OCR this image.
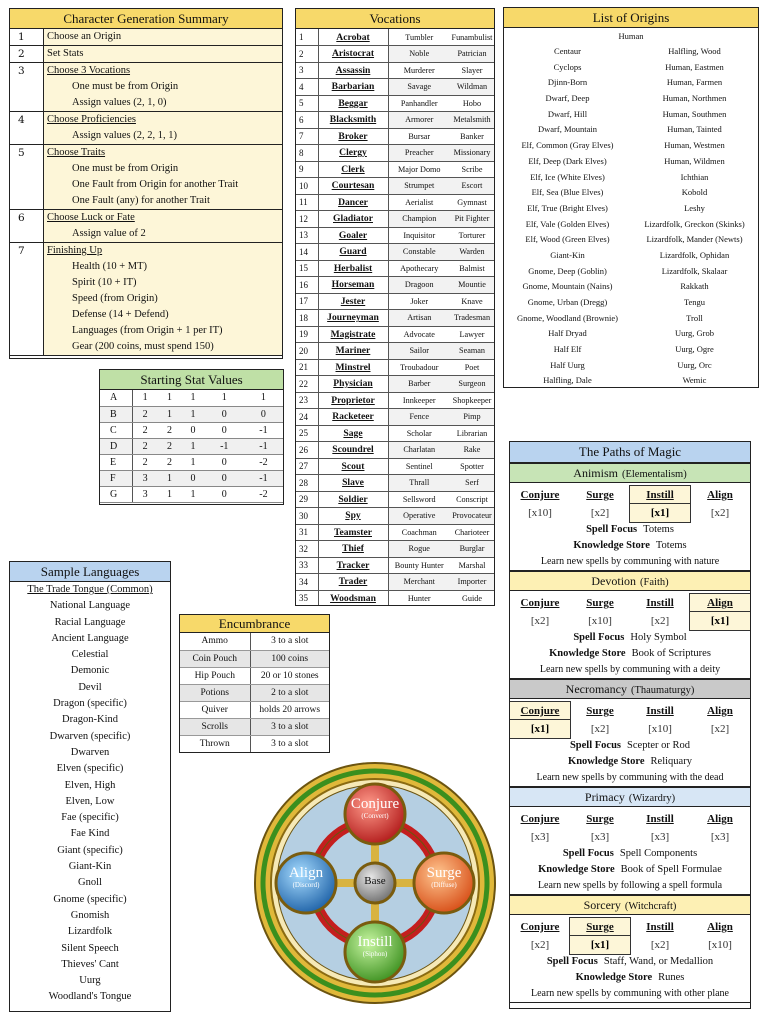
Character Generation Summary
1	Choose an Origin
2	Set Stats
3	Choose 3 Vocations
One must be from Origin
Assign values (2, 1, 0)
4	Choose Proficiencies
Assign values (2, 2, 1, 1)
5	Choose Traits
One must be from Origin
One Fault from Origin for another Trait
One Fault (any) for another Trait
6	Choose Luck or Fate
Assign value of 2
7	Finishing Up
Health (10 + MT)
Spirit (10 + IT)
Speed (from Origin)
Defense (14 + Defend)
Languages (from Origin + 1 per IT)
Gear (200 coins, must spend 150)
Vocations
1	Acrobat	Tumbler	Funambulist
2	Aristocrat	Noble	Patrician
3	Assassin	Murderer	Slayer
4	Barbarian	Savage	Wildman
5	Beggar	Panhandler	Hobo
6	Blacksmith	Armorer	Metalsmith
7	Broker	Bursar	Banker
8	Clergy	Preacher	Missionary
9	Clerk	Major Domo	Scribe
10	Courtesan	Strumpet	Escort
11	Dancer	Aerialist	Gymnast
12	Gladiator	Champion	Pit Fighter
13	Goaler	Inquisitor	Torturer
14	Guard	Constable	Warden
15	Herbalist	Apothecary	Balmist
16	Horseman	Dragoon	Mountie
17	Jester	Joker	Knave
18	Journeyman	Artisan	Tradesman
19	Magistrate	Advocate	Lawyer
20	Mariner	Sailor	Seaman
21	Minstrel	Troubadour	Poet
22	Physician	Barber	Surgeon
23	Proprietor	Innkeeper	Shopkeeper
24	Racketeer	Fence	Pimp
25	Sage	Scholar	Librarian
26	Scoundrel	Charlatan	Rake
27	Scout	Sentinel	Spotter
28	Slave	Thrall	Serf
29	Soldier	Sellsword	Conscript
30	Spy	Operative	Provocateur
31	Teamster	Coachman	Charioteer
32	Thief	Rogue	Burglar
33	Tracker	Bounty Hunter	Marshal
34	Trader	Merchant	Importer
35	Woodsman	Hunter	Guide
List of Origins
Human
Centaur
Cyclops
Djinn-Born
Dwarf, Deep
Dwarf, Hill
Dwarf, Mountain
Elf, Common (Gray Elves)
Elf, Deep (Dark Elves)
Elf, Ice (White Elves)
Elf, Sea (Blue Elves)
Elf, True (Bright Elves)
Elf, Vale (Golden Elves)
Elf, Wood (Green Elves)
Giant-Kin
Gnome, Deep (Goblin)
Gnome, Mountain (Nains)
Gnome, Urban (Dregg)
Gnome, Woodland (Brownie)
Half Dryad
Half Elf
Half Uurg
Halfling, Dale
Halfling, Wood
Human, Eastmen
Human, Farmen
Human, Northmen
Human, Southmen
Human, Tainted
Human, Westmen
Human, Wildmen
Ichthian
Kobold
Leshy
Lizardfolk, Greckon (Skinks)
Lizardfolk, Mander (Newts)
Lizardfolk, Ophidan
Lizardfolk, Skalaar
Rakkath
Tengu
Troll
Uurg, Grob
Uurg, Ogre
Uurg, Orc
Wemic
Starting Stat Values
A	1	1	1	1	1
B	2	1	1	0	0
C	2	2	0	0	-1
D	2	2	1	-1	-1
E	2	2	1	0	-2
F	3	1	0	0	-1
G	3	1	1	0	-2
Sample Languages
The Trade Tongue (Common)
National Language
Racial Language
Ancient Language
Celestial
Demonic
Devil
Dragon (specific)
Dragon-Kind
Dwarven (specific)
Dwarven
Elven (specific)
Elven, High
Elven, Low
Fae (specific)
Fae Kind
Giant (specific)
Giant-Kin
Gnoll
Gnome (specific)
Gnomish
Lizardfolk
Silent Speech
Thieves' Cant
Uurg
Woodland's Tongue
Encumbrance
Ammo	3 to a slot
Coin Pouch	100 coins
Hip Pouch	20 or 10 stones
Potions	2 to a slot
Quiver	holds 20 arrows
Scrolls	3 to a slot
Thrown	3 to a slot
Conjure
(Convert)
Align
(Discord)
Surge
(Diffuse)
Instill
(Siphon)
Base
The Paths of Magic
Animism (Elementalism)
Conjure	Surge	Instill	Align
[x10]	[x2]	[x1]	[x2]
Spell Focus Totems
Knowledge Store Totems
Learn new spells by communing with nature
Devotion (Faith)
Conjure	Surge	Instill	Align
[x2]	[x10]	[x2]	[x1]
Spell Focus Holy Symbol
Knowledge Store Book of Scriptures
Learn new spells by communing with a deity
Necromancy (Thaumaturgy)
Conjure	Surge	Instill	Align
[x1]	[x2]	[x10]	[x2]
Spell Focus Scepter or Rod
Knowledge Store Reliquary
Learn new spells by communing with the dead
Primacy (Wizardry)
Conjure	Surge	Instill	Align
[x3]	[x3]	[x3]	[x3]
Spell Focus Spell Components
Knowledge Store Book of Spell Formulae
Learn new spells by following a spell formula
Sorcery (Witchcraft)
Conjure	Surge	Instill	Align
[x2]	[x1]	[x2]	[x10]
Spell Focus Staff, Wand, or Medallion
Knowledge Store Runes
Learn new spells by communing with other plane
